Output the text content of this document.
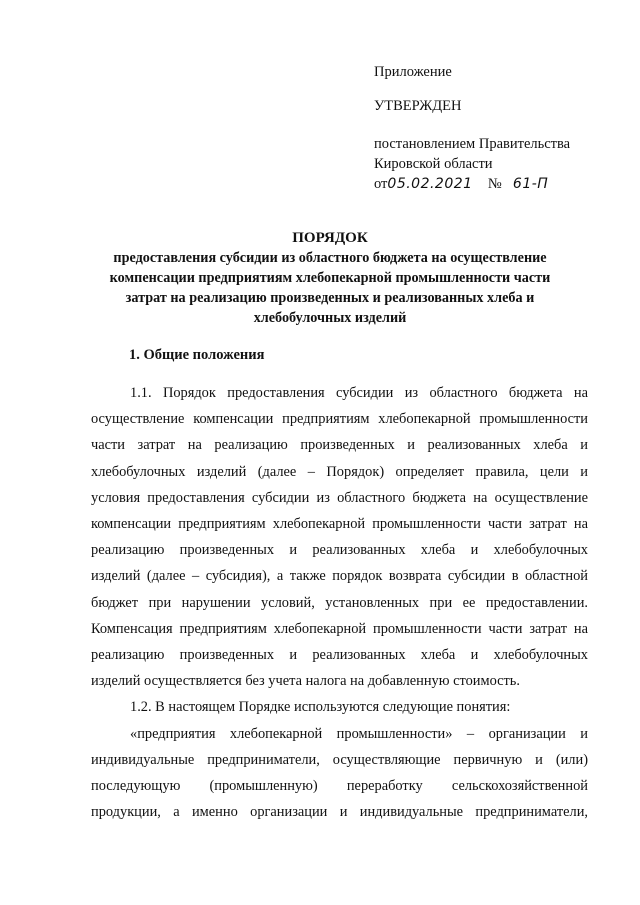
Приложение
УТВЕРЖДЕН
постановлением Правительства
Кировской области
от05.02.2021 № 61-П
ПОРЯДОК
предоставления субсидии из областного бюджета на осуществление
компенсации предприятиям хлебопекарной промышленности части
затрат на реализацию произведенных и реализованных хлеба и
хлебобулочных изделий
1. Общие положения
1.1. Порядок предоставления субсидии из областного бюджета на
осуществление компенсации предприятиям хлебопекарной промышленности
части затрат на реализацию произведенных и реализованных хлеба и
хлебобулочных изделий (далее – Порядок) определяет правила, цели и
условия предоставления субсидии из областного бюджета на осуществление
компенсации предприятиям хлебопекарной промышленности части затрат на
реализацию произведенных и реализованных хлеба и хлебобулочных
изделий (далее – субсидия), а также порядок возврата субсидии в областной
бюджет при нарушении условий, установленных при ее предоставлении.
Компенсация предприятиям хлебопекарной промышленности части затрат на
реализацию произведенных и реализованных хлеба и хлебобулочных
изделий осуществляется без учета налога на добавленную стоимость.
1.2. В настоящем Порядке используются следующие понятия:
«предприятия хлебопекарной промышленности» – организации и
индивидуальные предприниматели, осуществляющие первичную и (или)
последующую (промышленную) переработку сельскохозяйственной
продукции, а именно организации и индивидуальные предприниматели,
